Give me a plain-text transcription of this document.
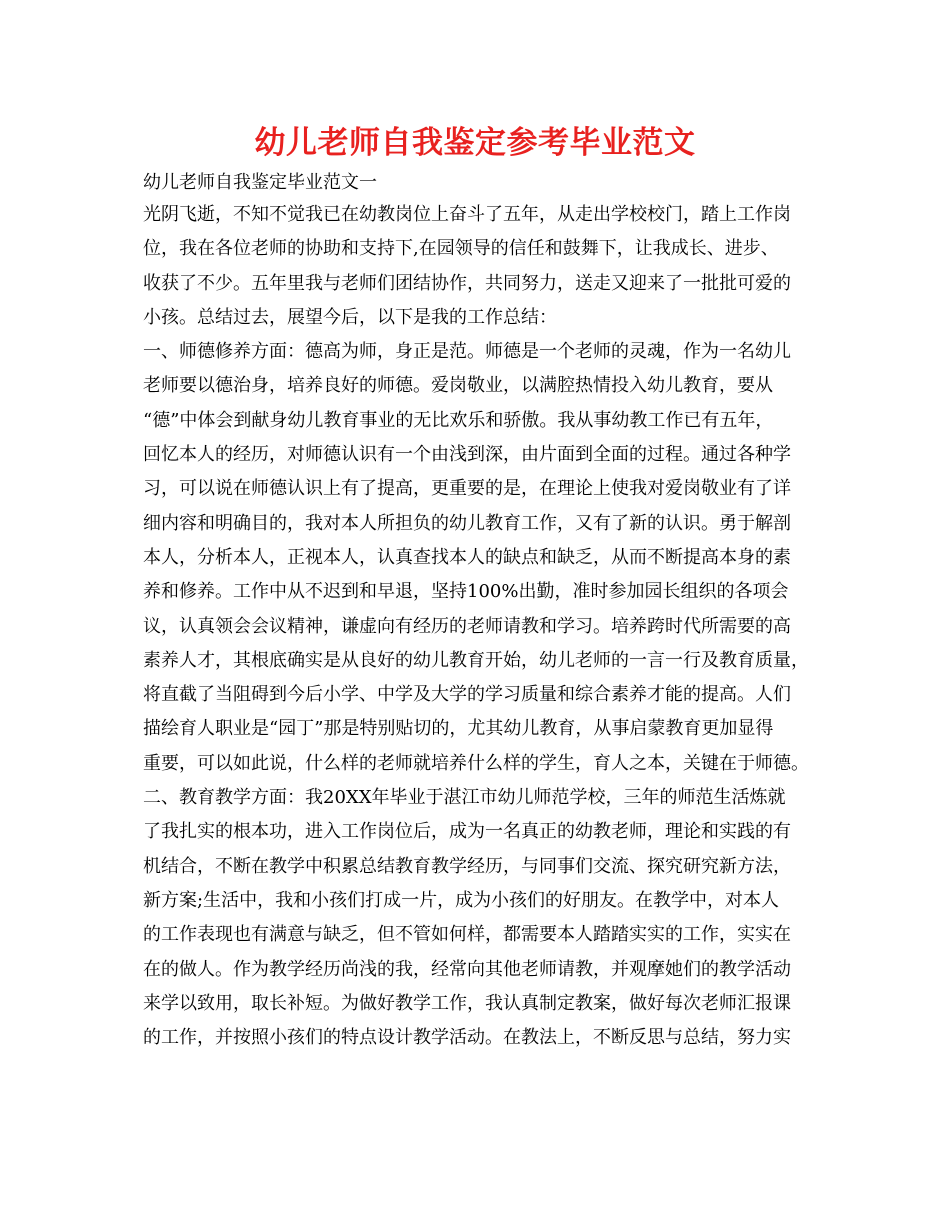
幼儿老师自我鉴定参考毕业范文
幼儿老师自我鉴定毕业范文一
光阴飞逝，不知不觉我已在幼教岗位上奋斗了五年，从走出学校校门，踏上工作岗
位，我在各位老师的协助和支持下,在园领导的信任和鼓舞下，让我成长、进步、
收获了不少。五年里我与老师们团结协作，共同努力，送走又迎来了一批批可爱的
小孩。总结过去，展望今后，以下是我的工作总结：
一、师德修养方面：德高为师，身正是范。师德是一个老师的灵魂，作为一名幼儿
老师要以德治身，培养良好的师德。爱岗敬业，以满腔热情投入幼儿教育，要从
“德”中体会到献身幼儿教育事业的无比欢乐和骄傲。我从事幼教工作已有五年，
回忆本人的经历，对师德认识有一个由浅到深，由片面到全面的过程。通过各种学
习，可以说在师德认识上有了提高，更重要的是，在理论上使我对爱岗敬业有了详
细内容和明确目的，我对本人所担负的幼儿教育工作，又有了新的认识。勇于解剖
本人，分析本人，正视本人，认真查找本人的缺点和缺乏，从而不断提高本身的素
养和修养。工作中从不迟到和早退，坚持100%出勤，准时参加园长组织的各项会
议，认真领会会议精神，谦虚向有经历的老师请教和学习。培养跨时代所需要的高
素养人才，其根底确实是从良好的幼儿教育开始，幼儿老师的一言一行及教育质量，
将直截了当阻碍到今后小学、中学及大学的学习质量和综合素养才能的提高。人们
描绘育人职业是“园丁”那是特别贴切的，尤其幼儿教育，从事启蒙教育更加显得
重要，可以如此说，什么样的老师就培养什么样的学生，育人之本，关键在于师德。
二、教育教学方面：我20XX年毕业于湛江市幼儿师范学校，三年的师范生活炼就
了我扎实的根本功，进入工作岗位后，成为一名真正的幼教老师，理论和实践的有
机结合，不断在教学中积累总结教育教学经历，与同事们交流、探究研究新方法，
新方案;生活中，我和小孩们打成一片，成为小孩们的好朋友。在教学中，对本人
的工作表现也有满意与缺乏，但不管如何样，都需要本人踏踏实实的工作，实实在
在的做人。作为教学经历尚浅的我，经常向其他老师请教，并观摩她们的教学活动
来学以致用，取长补短。为做好教学工作，我认真制定教案，做好每次老师汇报课
的工作，并按照小孩们的特点设计教学活动。在教法上，不断反思与总结，努力实
